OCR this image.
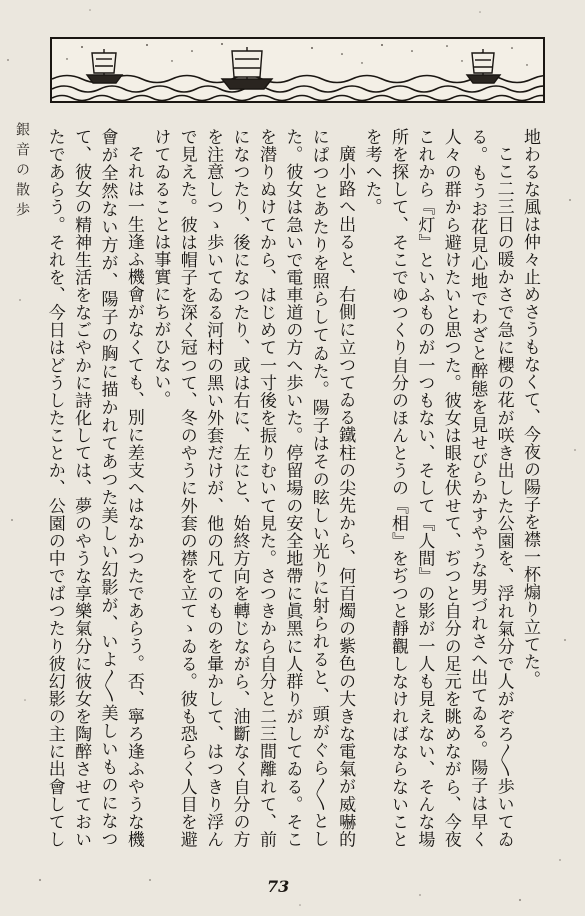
銀音の散歩	地わるな風は仲々止めさうもなくて、今夜の陽子を襟一杯煽り立てた。

ここ二三日の暖かさで急に櫻の花が咲き出した公園を、浮れ氣分で人がぞろ〳〵歩いてゐる。もうお花見心地でわざと醉態を見せびらかすやうな男づれさへ出てゐる。陽子は早く人々の群から避けたいと思つた。彼女は眼を伏せて、ぢつと自分の足元を眺めながら、今夜これから『灯』といふものが一つもない、そして『人間』の影が一人も見えない、そんな場所を探して、そこでゆつくり自分のほんとうの『相』をぢつと靜觀しなければならないことを考へた。

廣小路へ出ると、右側に立つてゐる鐵柱の尖先から、何百燭の紫色の大きな電氣が威嚇的にぱつとあたりを照らしてゐた。陽子はその眩しい光りに射られると、頭がぐら〳〵とした。彼女は急いで電車道の方へ歩いた。停留場の安全地帶に眞黑に人群りがしてゐる。そこを潜りぬけてから、はじめて一寸後を振りむいて見た。さつきから自分と二三間離れて、前になつたり、後になつたり、或は右に、左にと、始終方向を轉じながら、油斷なく自分の方を注意しつゝ歩いてゐる河村の黑い外套だけが、他の凡てのものを暈かして、はつきり浮んで見えた。彼は帽子を深く冠つて、冬のやうに外套の襟を立てゝゐる。彼も恐らく人目を避けてゐることは事實にちがひない。

それは一生逢ふ機會がなくても、別に差支へはなかつたであらう。否、寧ろ逢ふやうな機會が全然ない方が、陽子の胸に描かれてあつた美しい幻影が、いよ〳〵美しいものになつて、彼女の精神生活をなごやかに詩化しては、夢のやうな享樂氣分に彼女を陶醉させておいたであらう。それを、今日はどうしたことか、公園の中でばつたり彼幻影の主に出會してし

73
